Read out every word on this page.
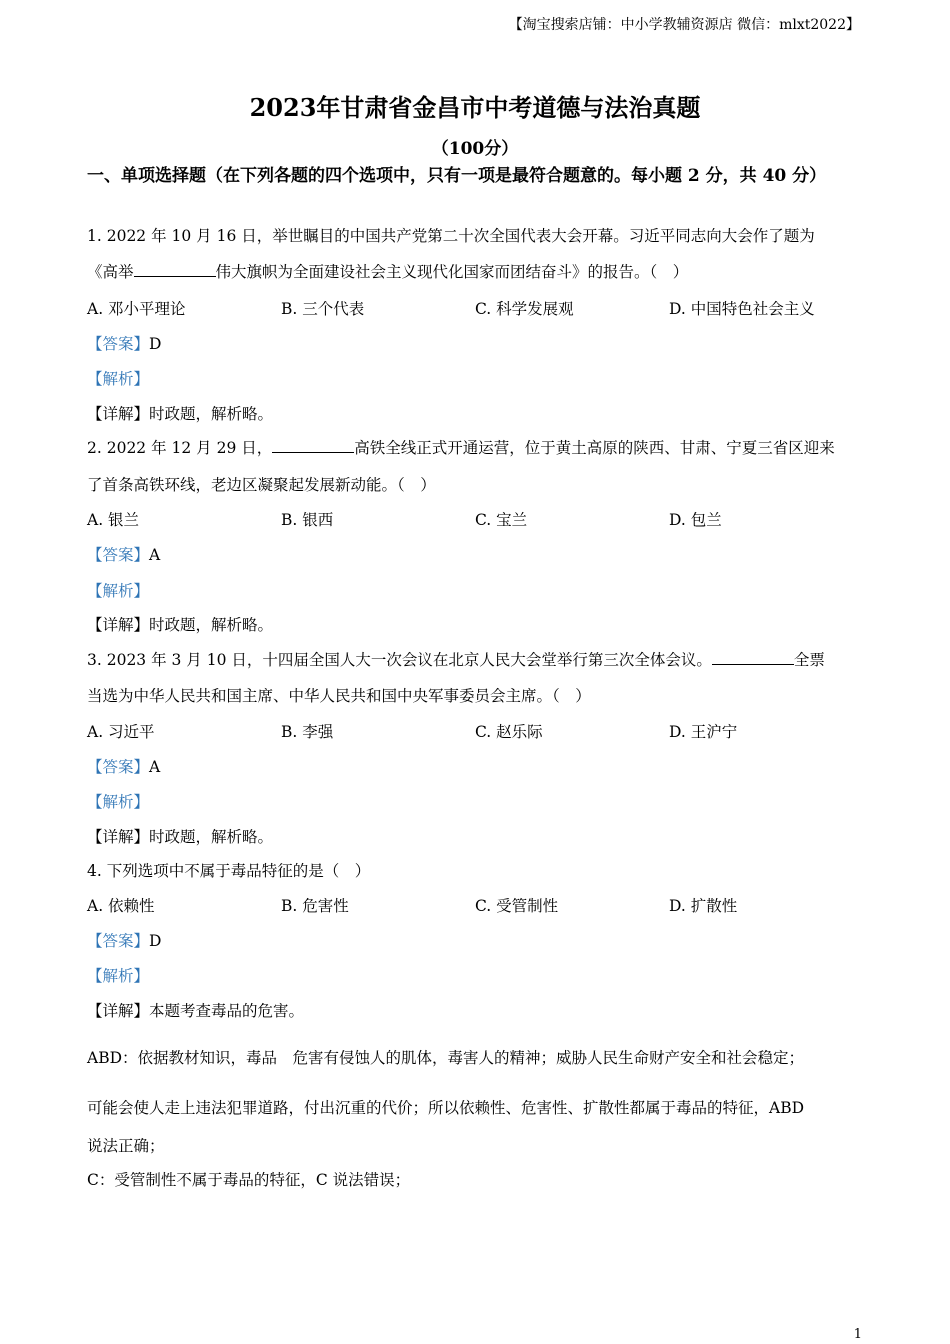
【淘宝搜索店铺：中小学教辅资源店 微信：mlxt2022】
2023年甘肃省金昌市中考道德与法治真题
（100分）
一、单项选择题（在下列各题的四个选项中，只有一项是最符合题意的。每小题 2 分，共 40 分）
1. 2022 年 10 月 16 日，举世瞩目的中国共产党第二十次全国代表大会开幕。习近平同志向大会作了题为
《高举	伟大旗帜为全面建设社会主义现代化国家而团结奋斗》的报告。（　）
A. 邓小平理论	B. 三个代表	C. 科学发展观	D. 中国特色社会主义
【答案】D
【解析】
【详解】时政题，解析略。
2. 2022 年 12 月 29 日，	高铁全线正式开通运营，位于黄土高原的陕西、甘肃、宁夏三省区迎来
了首条高铁环线，老边区凝聚起发展新动能。（　）
A. 银兰	B. 银西	C. 宝兰	D. 包兰
【答案】A
【解析】
【详解】时政题，解析略。
3. 2023 年 3 月 10 日，十四届全国人大一次会议在北京人民大会堂举行第三次全体会议。	全票
当选为中华人民共和国主席、中华人民共和国中央军事委员会主席。（　）
A. 习近平	B. 李强	C. 赵乐际	D. 王沪宁
【答案】A
【解析】
【详解】时政题，解析略。
4. 下列选项中不属于毒品特征的是（　）
A. 依赖性	B. 危害性	C. 受管制性	D. 扩散性
【答案】D
【解析】
【详解】本题考查毒品的危害。
ABD：依据教材知识，毒品　危害有侵蚀人的肌体，毒害人的精神；威胁人民生命财产安全和社会稳定；
可能会使人走上违法犯罪道路，付出沉重的代价；所以依赖性、危害性、扩散性都属于毒品的特征，ABD
说法正确；
C：受管制性不属于毒品的特征，C 说法错误；
1
